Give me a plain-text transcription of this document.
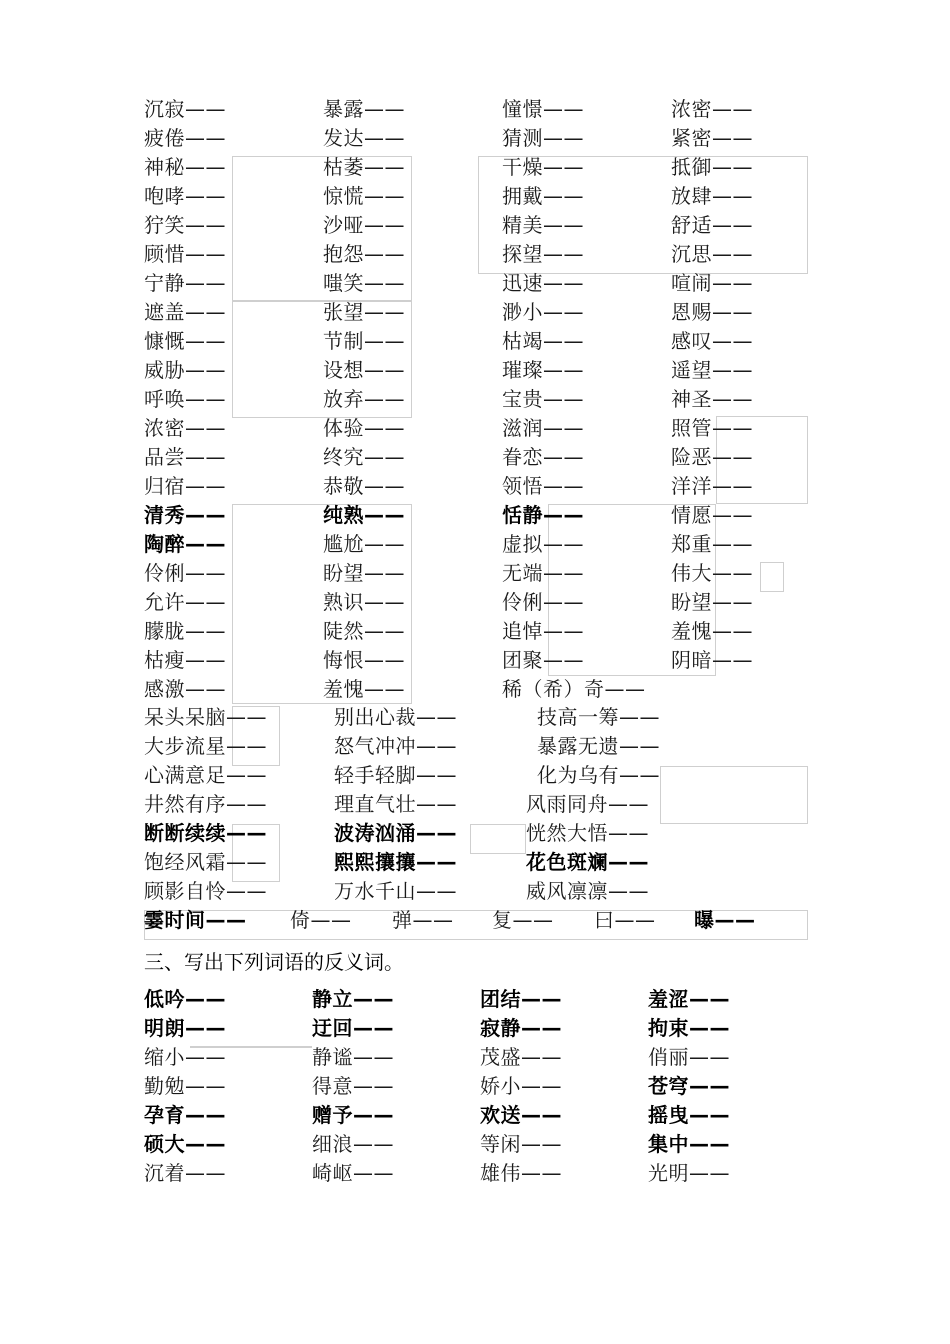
沉寂——	暴露——	憧憬——	浓密——
疲倦——	发达——	猜测——	紧密——
神秘——	枯萎——	干燥——	抵御——
咆哮——	惊慌——	拥戴——	放肆——
狞笑——	沙哑——	精美——	舒适——
顾惜——	抱怨——	探望——	沉思——
宁静——	嗤笑——	迅速——	喧闹——
遮盖——	张望——	渺小——	恩赐——
慷慨——	节制——	枯竭——	感叹——
威胁——	设想——	璀璨——	遥望——
呼唤——	放弃——	宝贵——	神圣——
浓密——	体验——	滋润——	照管——
品尝——	终究——	眷恋——	险恶——
归宿——	恭敬——	领悟——	洋洋——
清秀——	纯熟——	恬静——	情愿——
陶醉——	尴尬——	虚拟——	郑重——
伶俐——	盼望——	无端——	伟大——
允许——	熟识——	伶俐——	盼望——
朦胧——	陡然——	追悼——	羞愧——
枯瘦——	悔恨——	团聚——	阴暗——
感激——	羞愧——	稀（希）奇——
呆头呆脑——	别出心裁——	技高一筹——
大步流星——	怒气冲冲——	暴露无遗——
心满意足——	轻手轻脚——	化为乌有——
井然有序——	理直气壮——	风雨同舟——
断断续续——	波涛汹涌——	恍然大悟——
饱经风霜——	熙熙攘攘——	花色斑斓——
顾影自怜——	万水千山——	威风凛凛——
霎时间—— 倚—— 弹—— 复—— 曰—— 曝——
三、写出下列词语的反义词。
低吟——	静立——	团结——	羞涩——
明朗——	迂回——	寂静——	拘束——
缩小——	静谧——	茂盛——	俏丽——
勤勉——	得意——	娇小——	苍穹——
孕育——	赠予——	欢送——	摇曳——
硕大——	细浪——	等闲——	集中——
沉着——	崎岖——	雄伟——	光明——
